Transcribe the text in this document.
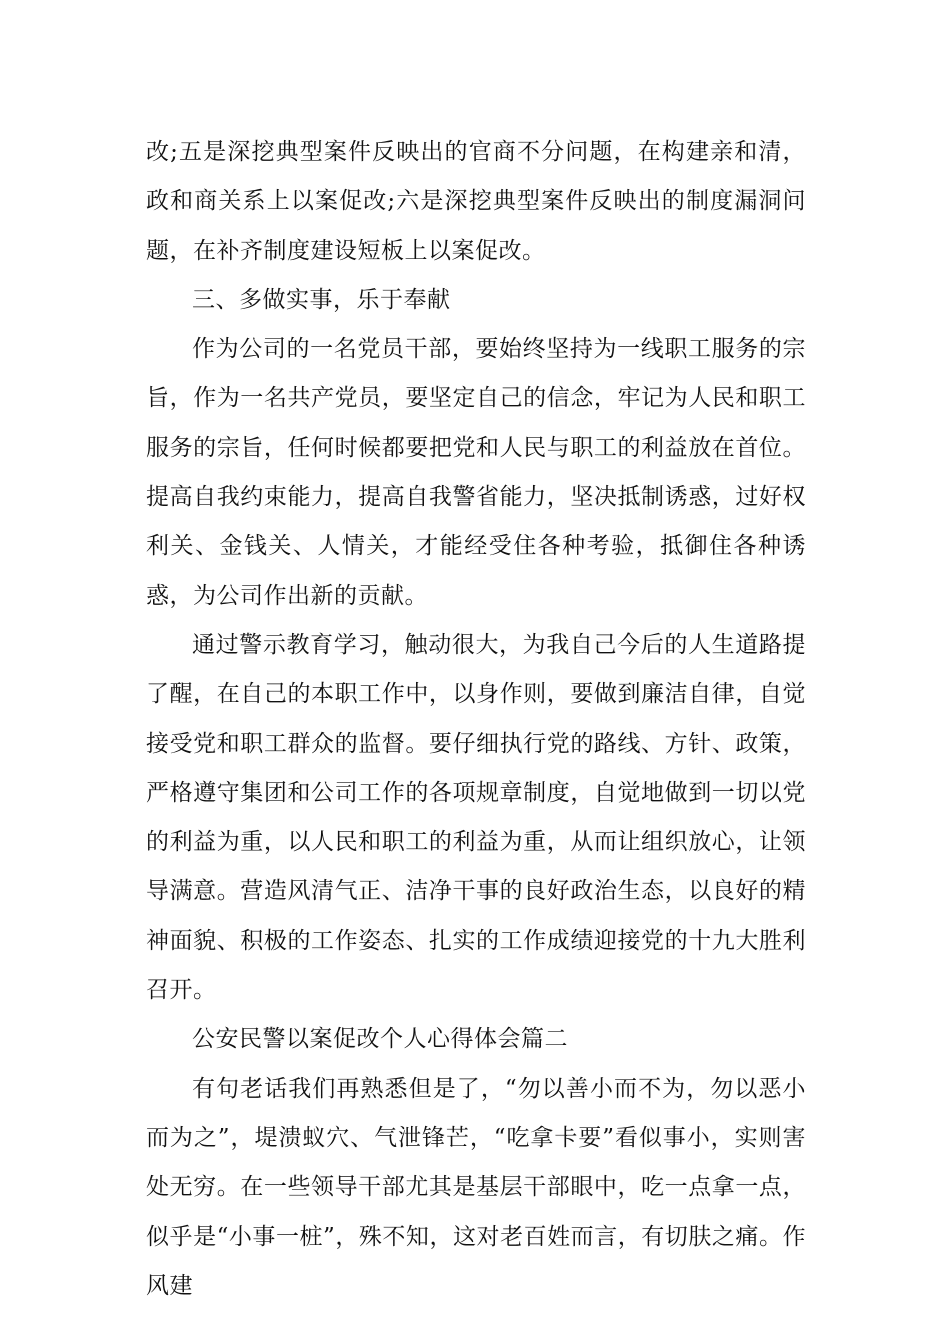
改;五是深挖典型案件反映出的官商不分问题，在构建亲和清，政和商关系上以案促改;六是深挖典型案件反映出的制度漏洞问题，在补齐制度建设短板上以案促改。

三、多做实事，乐于奉献

作为公司的一名党员干部，要始终坚持为一线职工服务的宗旨，作为一名共产党员，要坚定自己的信念，牢记为人民和职工服务的宗旨，任何时候都要把党和人民与职工的利益放在首位。提高自我约束能力，提高自我警省能力，坚决抵制诱惑，过好权利关、金钱关、人情关，才能经受住各种考验，抵御住各种诱惑，为公司作出新的贡献。

通过警示教育学习，触动很大，为我自己今后的人生道路提了醒，在自己的本职工作中，以身作则，要做到廉洁自律，自觉接受党和职工群众的监督。要仔细执行党的路线、方针、政策，严格遵守集团和公司工作的各项规章制度，自觉地做到一切以党的利益为重，以人民和职工的利益为重，从而让组织放心，让领导满意。营造风清气正、洁净干事的良好政治生态，以良好的精神面貌、积极的工作姿态、扎实的工作成绩迎接党的十九大胜利召开。

公安民警以案促改个人心得体会篇二

有句老话我们再熟悉但是了，“勿以善小而不为，勿以恶小而为之”，堤溃蚁穴、气泄锋芒，“吃拿卡要”看似事小，实则害处无穷。在一些领导干部尤其是基层干部眼中，吃一点拿一点，似乎是“小事一桩”，殊不知，这对老百姓而言，有切肤之痛。作风建
